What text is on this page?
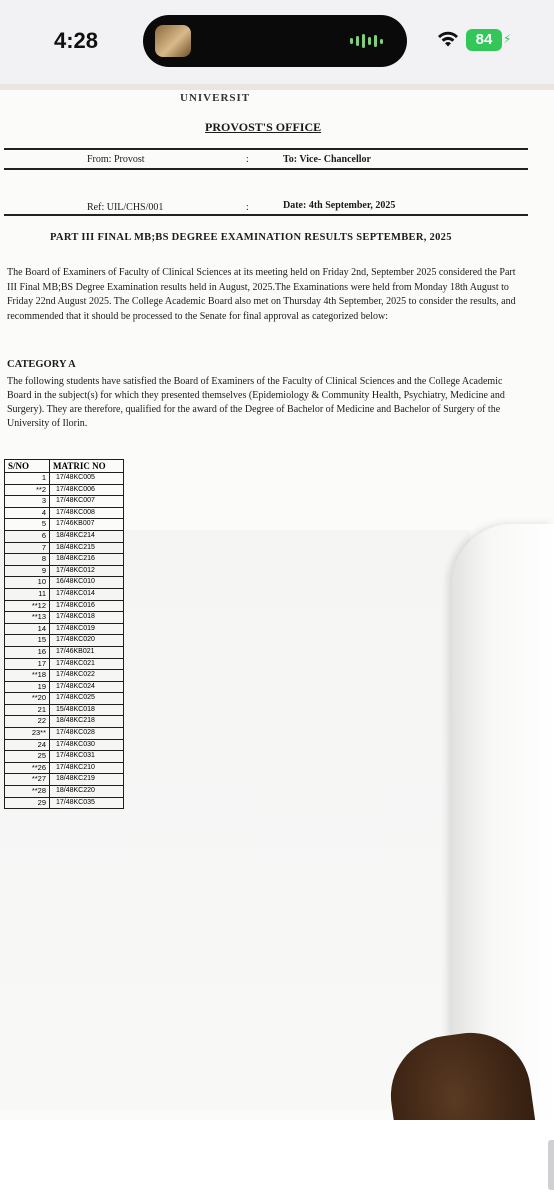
4:28	84 ⚡
UNIVERSIT
PROVOST'S OFFICE
From: Provost	:	To: Vice- Chancellor
Ref: UIL/CHS/001	:	Date: 4th September, 2025
PART III FINAL MB;BS DEGREE EXAMINATION RESULTS SEPTEMBER, 2025
The Board of Examiners of Faculty of Clinical Sciences at its meeting held on Friday 2nd, September 2025 considered the Part III Final MB;BS Degree Examination results held in August, 2025.The Examinations were held from Monday 18th August to Friday 22nd August 2025. The College Academic Board also met on Thursday 4th September, 2025 to consider the results, and recommended that it should be processed to the Senate for final approval as categorized below:
CATEGORY A
The following students have satisfied the Board of Examiners of the Faculty of Clinical Sciences and the College Academic Board in the subject(s) for which they presented themselves (Epidemiology & Community Health, Psychiatry, Medicine and Surgery). They are therefore, qualified for the award of the Degree of Bachelor of Medicine and Bachelor of Surgery of the University of Ilorin.
S/NO	MATRIC NO
1	17/48KC005
**2	17/48KC006
3	17/48KC007
4	17/48KC008
5	17/46KB007
6	18/48KC214
7	18/48KC215
8	18/48KC216
9	17/48KC012
10	16/48KC010
11	17/48KC014
**12	17/48KC016
**13	17/48KC018
14	17/48KC019
15	17/48KC020
16	17/46KB021
17	17/48KC021
**18	17/48KC022
19	17/48KC024
**20	17/48KC025
21	15/48KC018
22	18/48KC218
23**	17/48KC028
24	17/48KC030
25	17/48KC031
**26	17/48KC210
**27	18/48KC219
**28	18/48KC220
29	17/48KC035
